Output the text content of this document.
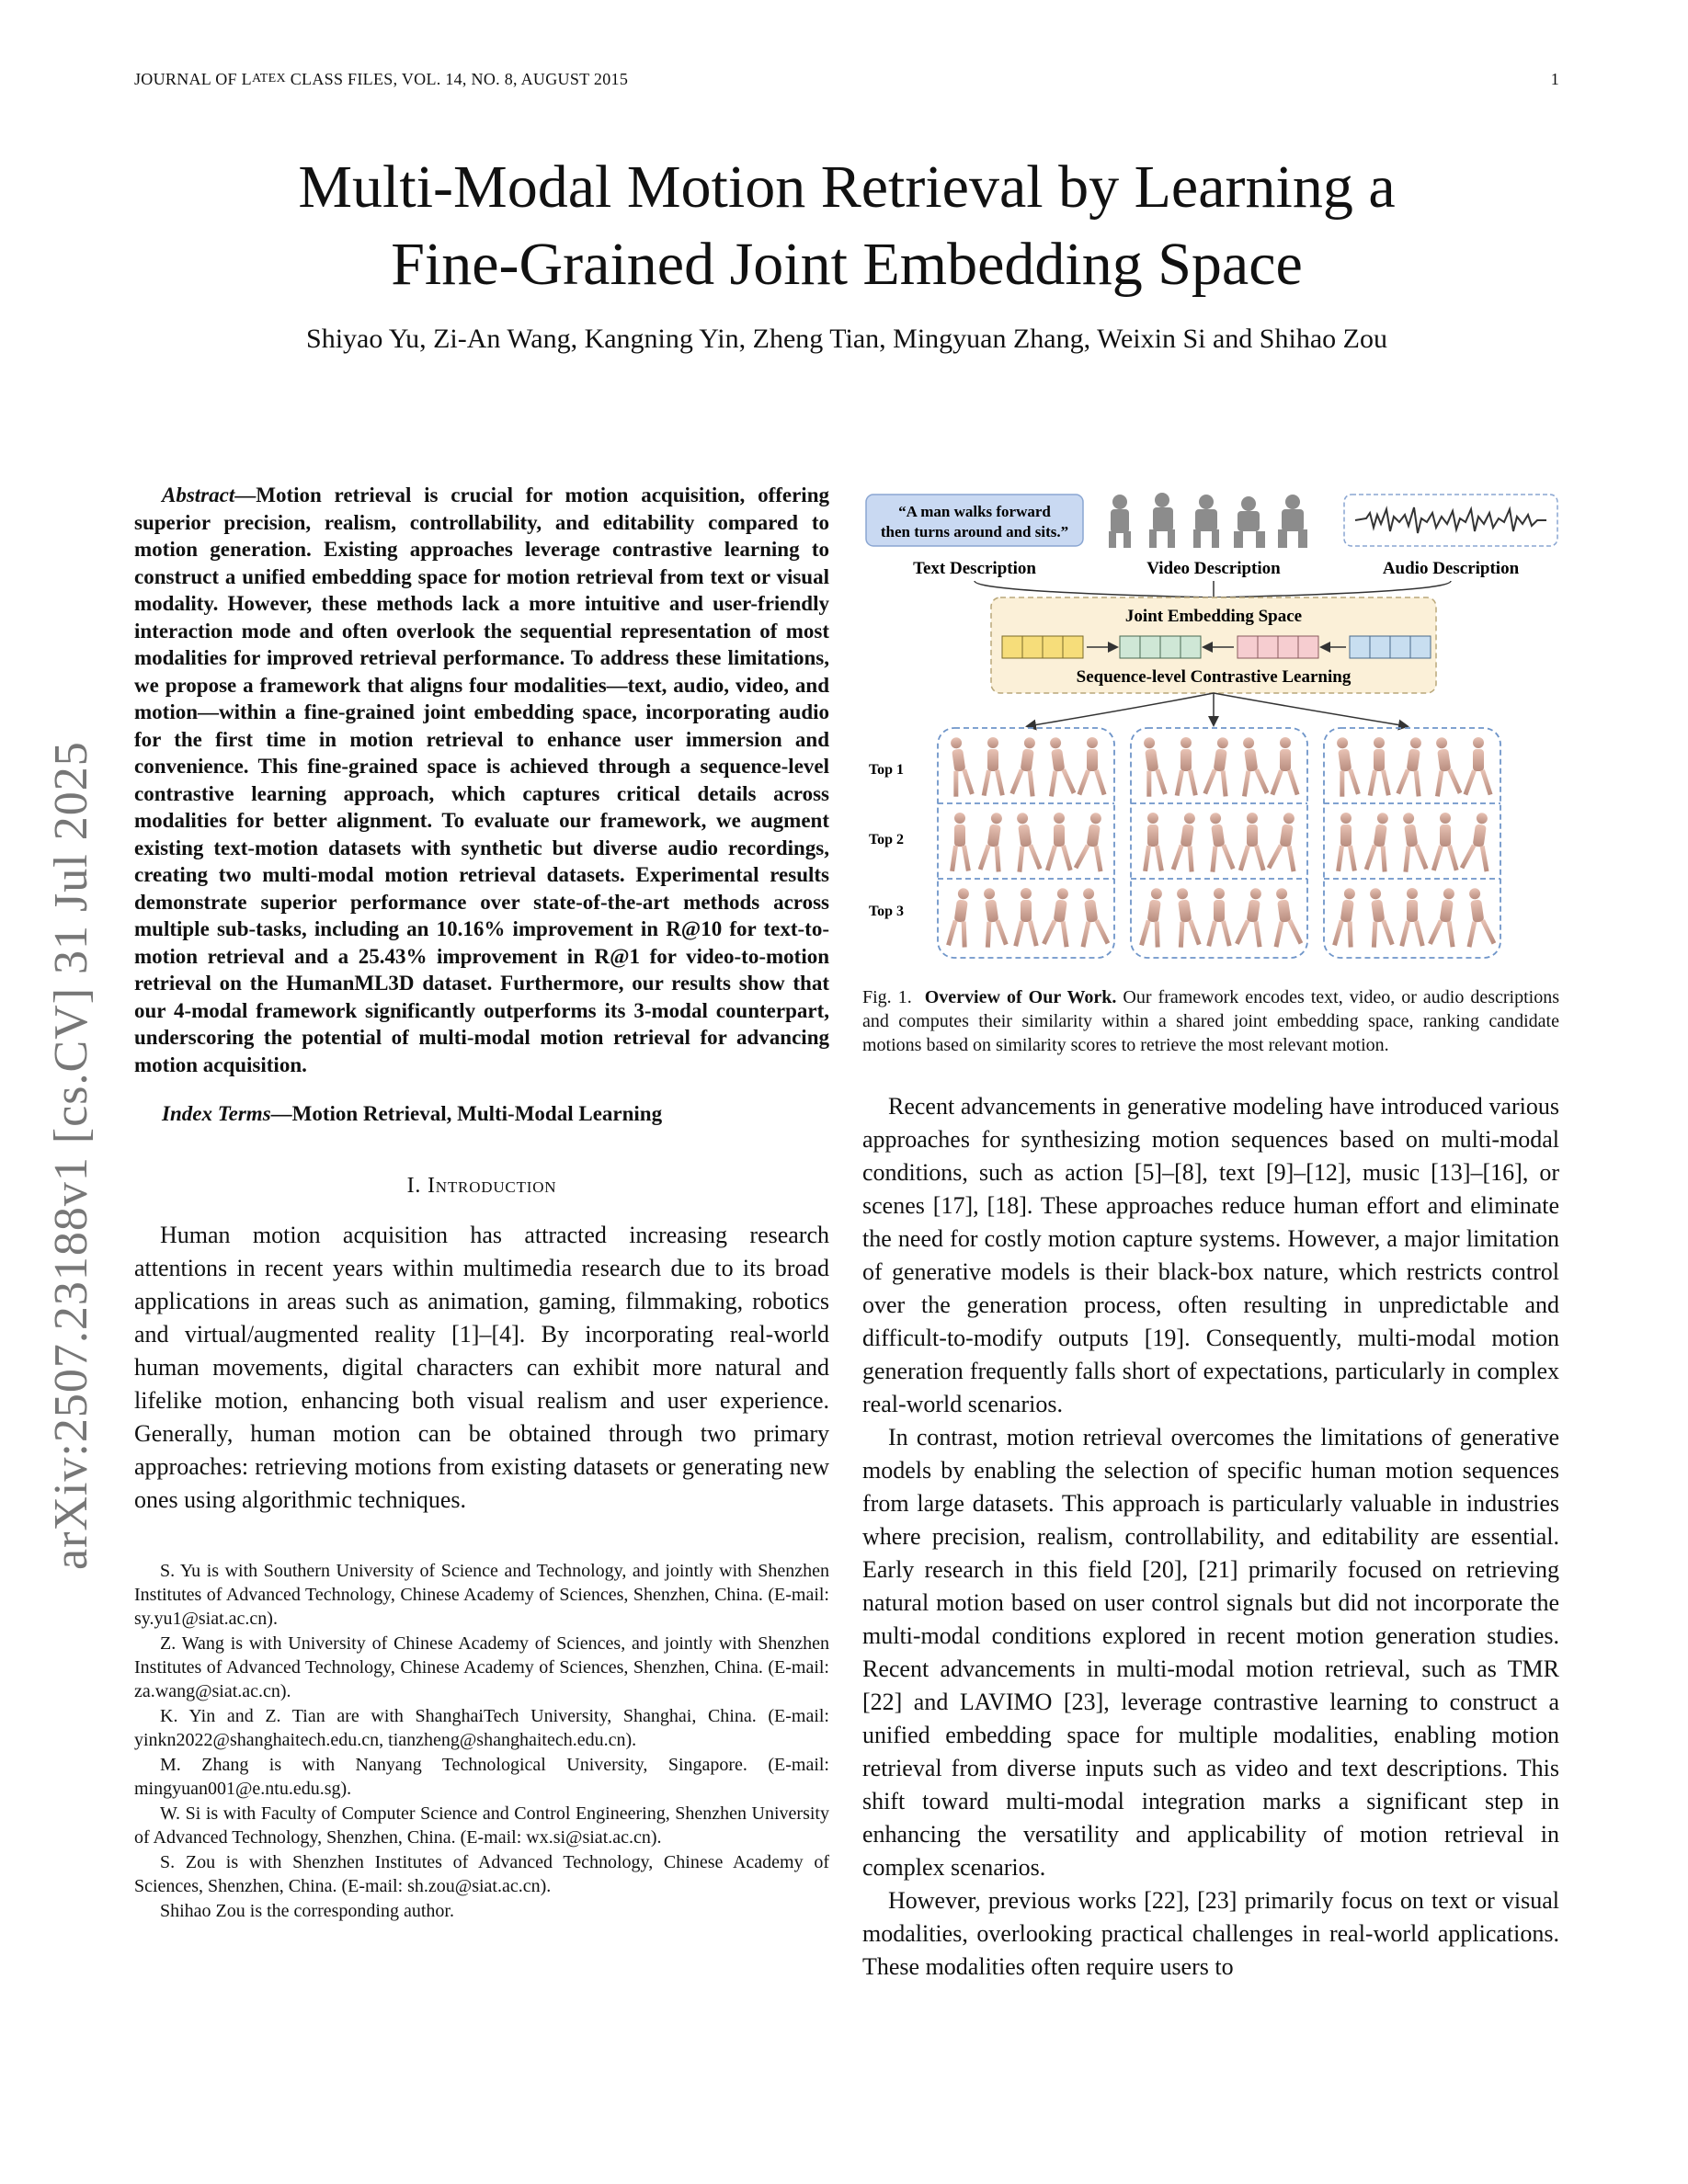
JOURNAL OF LATEX CLASS FILES, VOL. 14, NO. 8, AUGUST 2015	1
Multi-Modal Motion Retrieval by Learning a
Fine-Grained Joint Embedding Space
Shiyao Yu, Zi-An Wang, Kangning Yin, Zheng Tian, Mingyuan Zhang, Weixin Si and Shihao Zou
arXiv:2507.23188v1 [cs.CV] 31 Jul 2025

Abstract—Motion retrieval is crucial for motion acquisition, offering superior precision, realism, controllability, and editability compared to motion generation. Existing approaches leverage contrastive learning to construct a unified embedding space for motion retrieval from text or visual modality. However, these methods lack a more intuitive and user-friendly interaction mode and often overlook the sequential representation of most modalities for improved retrieval performance. To address these limitations, we propose a framework that aligns four modalities—text, audio, video, and motion—within a fine-grained joint embedding space, incorporating audio for the first time in motion retrieval to enhance user immersion and convenience. This fine-grained space is achieved through a sequence-level contrastive learning approach, which captures critical details across modalities for better alignment. To evaluate our framework, we augment existing text-motion datasets with synthetic but diverse audio recordings, creating two multi-modal motion retrieval datasets. Experimental results demonstrate superior performance over state-of-the-art methods across multiple sub-tasks, including an 10.16% improvement in R@10 for text-to-motion retrieval and a 25.43% improvement in R@1 for video-to-motion retrieval on the HumanML3D dataset. Furthermore, our results show that our 4-modal framework significantly outperforms its 3-modal counterpart, underscoring the potential of multi-modal motion retrieval for advancing motion acquisition.

Index Terms—Motion Retrieval, Multi-Modal Learning

I. Introduction

Human motion acquisition has attracted increasing research attentions in recent years within multimedia research due to its broad applications in areas such as animation, gaming, filmmaking, robotics and virtual/augmented reality [1]–[4]. By incorporating real-world human movements, digital characters can exhibit more natural and lifelike motion, enhancing both visual realism and user experience. Generally, human motion can be obtained through two primary approaches: retrieving motions from existing datasets or generating new ones using algorithmic techniques.

S. Yu is with Southern University of Science and Technology, and jointly with Shenzhen Institutes of Advanced Technology, Chinese Academy of Sciences, Shenzhen, China. (E-mail: sy.yu1@siat.ac.cn).

Z. Wang is with University of Chinese Academy of Sciences, and jointly with Shenzhen Institutes of Advanced Technology, Chinese Academy of Sciences, Shenzhen, China. (E-mail: za.wang@siat.ac.cn).

K. Yin and Z. Tian are with ShanghaiTech University, Shanghai, China. (E-mail: yinkn2022@shanghaitech.edu.cn, tianzheng@shanghaitech.edu.cn).

M. Zhang is with Nanyang Technological University, Singapore. (E-mail: mingyuan001@e.ntu.edu.sg).

W. Si is with Faculty of Computer Science and Control Engineering, Shenzhen University of Advanced Technology, Shenzhen, China. (E-mail: wx.si@siat.ac.cn).

S. Zou is with Shenzhen Institutes of Advanced Technology, Chinese Academy of Sciences, Shenzhen, China. (E-mail: sh.zou@siat.ac.cn).

Shihao Zou is the corresponding author.

“A man walks forward
then turns around and sits.”
Text Description	Video Description	Audio Description
Joint Embedding Space
Sequence-level Contrastive Learning
Top 1
Top 2
Top 3

Fig. 1. Overview of Our Work. Our framework encodes text, video, or audio descriptions and computes their similarity within a shared joint embedding space, ranking candidate motions based on similarity scores to retrieve the most relevant motion.

Recent advancements in generative modeling have introduced various approaches for synthesizing motion sequences based on multi-modal conditions, such as action [5]–[8], text [9]–[12], music [13]–[16], or scenes [17], [18]. These approaches reduce human effort and eliminate the need for costly motion capture systems. However, a major limitation of generative models is their black-box nature, which restricts control over the generation process, often resulting in unpredictable and difficult-to-modify outputs [19]. Consequently, multi-modal motion generation frequently falls short of expectations, particularly in complex real-world scenarios.

In contrast, motion retrieval overcomes the limitations of generative models by enabling the selection of specific human motion sequences from large datasets. This approach is particularly valuable in industries where precision, realism, controllability, and editability are essential. Early research in this field [20], [21] primarily focused on retrieving natural motion based on user control signals but did not incorporate the multi-modal conditions explored in recent motion generation studies. Recent advancements in multi-modal motion retrieval, such as TMR [22] and LAVIMO [23], leverage contrastive learning to construct a unified embedding space for multiple modalities, enabling motion retrieval from diverse inputs such as video and text descriptions. This shift toward multi-modal integration marks a significant step in enhancing the versatility and applicability of motion retrieval in complex scenarios.

However, previous works [22], [23] primarily focus on text or visual modalities, overlooking practical challenges in real-world applications. These modalities often require users to
